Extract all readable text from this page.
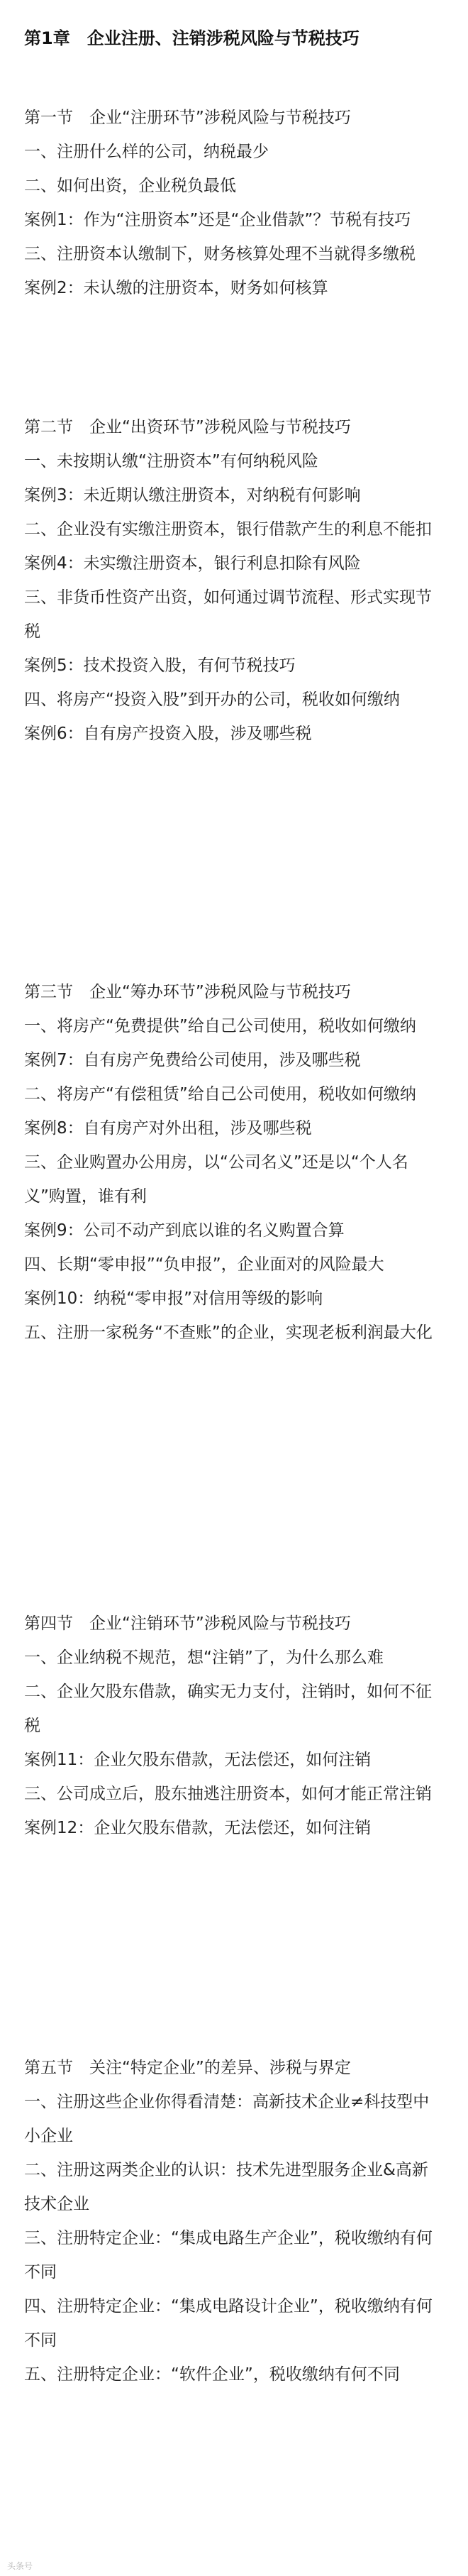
第1章　企业注册、注销涉税风险与节税技巧

第一节　企业“注册环节”涉税风险与节税技巧

一、注册什么样的公司，纳税最少

二、如何出资，企业税负最低

案例1：作为“注册资本”还是“企业借款”？节税有技巧

三、注册资本认缴制下，财务核算处理不当就得多缴税

案例2：未认缴的注册资本，财务如何核算

第二节　企业“出资环节”涉税风险与节税技巧

一、未按期认缴“注册资本”有何纳税风险

案例3：未近期认缴注册资本，对纳税有何影响

二、企业没有实缴注册资本，银行借款产生的利息不能扣

案例4：未实缴注册资本，银行利息扣除有风险

三、非货币性资产出资，如何通过调节流程、形式实现节税

案例5：技术投资入股，有何节税技巧

四、将房产“投资入股”到开办的公司，税收如何缴纳

案例6：自有房产投资入股，涉及哪些税

第三节　企业“筹办环节”涉税风险与节税技巧

一、将房产“免费提供”给自己公司使用，税收如何缴纳

案例7：自有房产免费给公司使用，涉及哪些税

二、将房产“有偿租赁”给自己公司使用，税收如何缴纳

案例8：自有房产对外出租，涉及哪些税

三、企业购置办公用房，以“公司名义”还是以“个人名义”购置，谁有利

案例9：公司不动产到底以谁的名义购置合算

四、长期“零申报”“负申报”，企业面对的风险最大

案例10：纳税“零申报”对信用等级的影响

五、注册一家税务“不查账”的企业，实现老板利润最大化

第四节　企业“注销环节”涉税风险与节税技巧

一、企业纳税不规范，想“注销”了，为什么那么难

二、企业欠股东借款，确实无力支付，注销时，如何不征税

案例11：企业欠股东借款，无法偿还，如何注销

三、公司成立后，股东抽逃注册资本，如何才能正常注销

案例12：企业欠股东借款，无法偿还，如何注销

第五节　关注“特定企业”的差异、涉税与界定

一、注册这些企业你得看清楚：高新技术企业≠科技型中小企业

二、注册这两类企业的认识：技术先进型服务企业&高新技术企业

三、注册特定企业：“集成电路生产企业”，税收缴纳有何不同

四、注册特定企业：“集成电路设计企业”，税收缴纳有何不同

五、注册特定企业：“软件企业”，税收缴纳有何不同

头条号
